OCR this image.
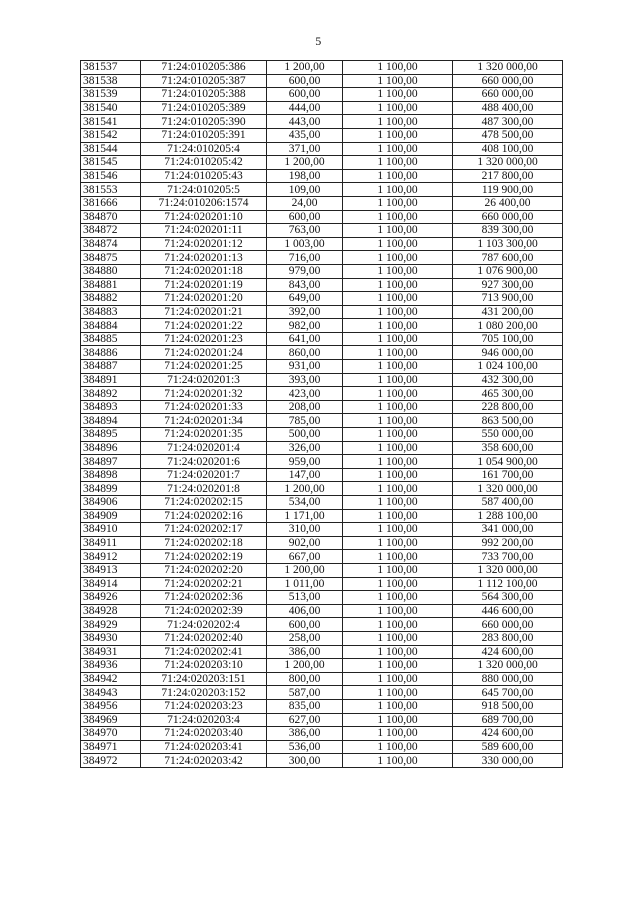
5
381537	71:24:010205:386	1 200,00	1 100,00	1 320 000,00
381538	71:24:010205:387	600,00	1 100,00	660 000,00
381539	71:24:010205:388	600,00	1 100,00	660 000,00
381540	71:24:010205:389	444,00	1 100,00	488 400,00
381541	71:24:010205:390	443,00	1 100,00	487 300,00
381542	71:24:010205:391	435,00	1 100,00	478 500,00
381544	71:24:010205:4	371,00	1 100,00	408 100,00
381545	71:24:010205:42	1 200,00	1 100,00	1 320 000,00
381546	71:24:010205:43	198,00	1 100,00	217 800,00
381553	71:24:010205:5	109,00	1 100,00	119 900,00
381666	71:24:010206:1574	24,00	1 100,00	26 400,00
384870	71:24:020201:10	600,00	1 100,00	660 000,00
384872	71:24:020201:11	763,00	1 100,00	839 300,00
384874	71:24:020201:12	1 003,00	1 100,00	1 103 300,00
384875	71:24:020201:13	716,00	1 100,00	787 600,00
384880	71:24:020201:18	979,00	1 100,00	1 076 900,00
384881	71:24:020201:19	843,00	1 100,00	927 300,00
384882	71:24:020201:20	649,00	1 100,00	713 900,00
384883	71:24:020201:21	392,00	1 100,00	431 200,00
384884	71:24:020201:22	982,00	1 100,00	1 080 200,00
384885	71:24:020201:23	641,00	1 100,00	705 100,00
384886	71:24:020201:24	860,00	1 100,00	946 000,00
384887	71:24:020201:25	931,00	1 100,00	1 024 100,00
384891	71:24:020201:3	393,00	1 100,00	432 300,00
384892	71:24:020201:32	423,00	1 100,00	465 300,00
384893	71:24:020201:33	208,00	1 100,00	228 800,00
384894	71:24:020201:34	785,00	1 100,00	863 500,00
384895	71:24:020201:35	500,00	1 100,00	550 000,00
384896	71:24:020201:4	326,00	1 100,00	358 600,00
384897	71:24:020201:6	959,00	1 100,00	1 054 900,00
384898	71:24:020201:7	147,00	1 100,00	161 700,00
384899	71:24:020201:8	1 200,00	1 100,00	1 320 000,00
384906	71:24:020202:15	534,00	1 100,00	587 400,00
384909	71:24:020202:16	1 171,00	1 100,00	1 288 100,00
384910	71:24:020202:17	310,00	1 100,00	341 000,00
384911	71:24:020202:18	902,00	1 100,00	992 200,00
384912	71:24:020202:19	667,00	1 100,00	733 700,00
384913	71:24:020202:20	1 200,00	1 100,00	1 320 000,00
384914	71:24:020202:21	1 011,00	1 100,00	1 112 100,00
384926	71:24:020202:36	513,00	1 100,00	564 300,00
384928	71:24:020202:39	406,00	1 100,00	446 600,00
384929	71:24:020202:4	600,00	1 100,00	660 000,00
384930	71:24:020202:40	258,00	1 100,00	283 800,00
384931	71:24:020202:41	386,00	1 100,00	424 600,00
384936	71:24:020203:10	1 200,00	1 100,00	1 320 000,00
384942	71:24:020203:151	800,00	1 100,00	880 000,00
384943	71:24:020203:152	587,00	1 100,00	645 700,00
384956	71:24:020203:23	835,00	1 100,00	918 500,00
384969	71:24:020203:4	627,00	1 100,00	689 700,00
384970	71:24:020203:40	386,00	1 100,00	424 600,00
384971	71:24:020203:41	536,00	1 100,00	589 600,00
384972	71:24:020203:42	300,00	1 100,00	330 000,00
